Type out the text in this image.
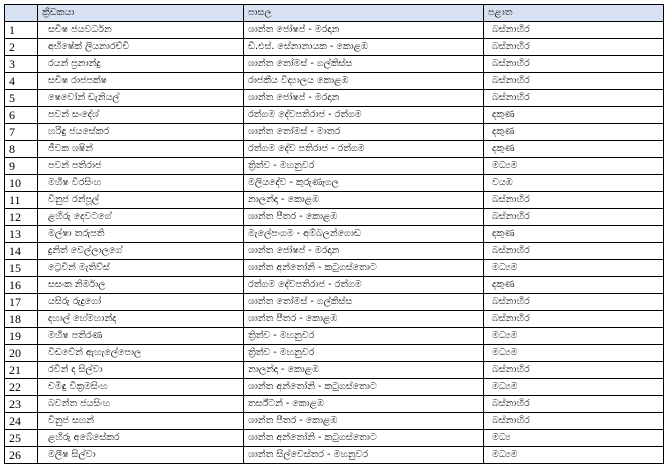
	ක්‍රීඩකයා	පාසල	පළාත
1	සචිෂ ජයවර්ධන	ශාන්ත ජෝෂප් - මරදාන	බස්නාහිර
2	අභිෂේක් ලියනාරච්චි	ඩී.එස්. සේනානායක - කොළඹ	බස්නාහිර
3	රයන් ප්‍රනාන්දු	ශාන්ත තෝමස් - ගල්කිස්ස	බස්නාහිර
4	සචිෂ රාජපක්ෂ	රාජකීය විද්‍යාලය කොළඹ	බස්නාහිර
5	ෂෙවෝන් ඩැනියල්	ශාන්ත ජෝෂප් - මරදාන	බස්නාහිර
6	පවන් සංදේශ්	රත්ගම දේවපතිරාජ - රත්ගම	දකුණ
7	හරිඳු ජයසේකර	ශාන්ත තෝමස් - මාතර	දකුණ
8	ජීවක ශෂින්	රත්ගම දේව පතිරාජ - රත්ගම	දකුණ
9	පවන් පතිරාජ	ත්‍රිත්ව - මහනුවර	මධ්‍යම
10	මහීෂ විරසිංහ	මලියදේව - කුරුණෑගල	වයඹ
11	විනුජ රන්පූල්	නාලන්දා - කොළඹ	බස්නාහිර
12	ළහිරු දෙවටගේ	ශාන්ත පීතර - කොළඹ	බස්නාහිර
13	මල්ෂා තරුපති	මැලේපංගම - අම්බලන්ගොඩ	දකුණ
14	දුනිත් වෙල්ලාලගේ	ශාන්ත ජෝෂප් - මරදාන	බස්නාහිර
15	ට්‍රෙවීන් මැතිව්ස්	ශාන්ත අන්තෝනි - කටුගස්තොට	මධ්‍යම
16	සසංක නිර්මාල	රත්ගම දේවපතිරාජ - රත්ගම	දකුණ
17	යසිරු රුදුගෝ	ශාන්ත තෝමස් - ගල්කිස්ස	බස්නාහිර
18	දහාල් හේමහාන්ද	ශාන්ත පීතර - කොළඹ	බස්නාහිර
19	මහීෂ පතිරණ	ත්‍රිත්ව - මහනුවර	මධ්‍යම
20	විඩවේන් ඇහැලේපොල	ත්‍රිත්ව - මහනුවර	මධ්‍යම
21	රවීන් ද සිල්වා	නාලන්දා - කොළඹ	බස්නාහිර
22	චමිඳු වික්‍රමසිංහ	ශාන්ත අන්තෝනි - කටුගස්තොට	මධ්‍යම
23	බවන්ත ජයසිංහ	තර්ස්ටන් - කොළඹ	බස්නාහිර
24	විනුජ සහන්	ශාන්ත පීතර - කොළඹ	බස්නාහිර
25	ළහිරු අබේසේකර	ශාන්ත අන්තෝනි - කටුගස්තොට	මධ්‍ය
26	මලීෂ සිල්වා	ශාන්ත සිල්වෙස්තර - මහනුවර	මධ්‍යම
